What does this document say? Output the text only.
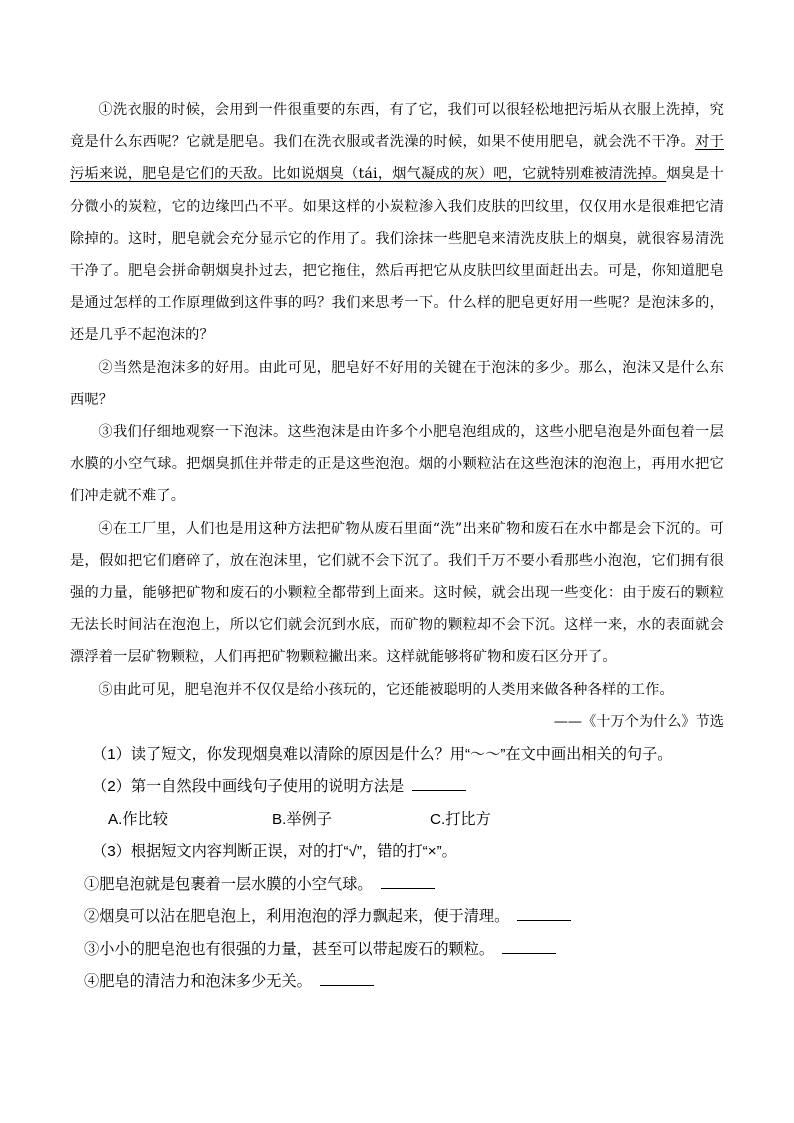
①洗衣服的时候，会用到一件很重要的东西，有了它，我们可以很轻松地把污垢从衣服上洗掉，究竟是什么东西呢？它就是肥皂。我们在洗衣服或者洗澡的时候，如果不使用肥皂，就会洗不干净。对于污垢来说，肥皂是它们的天敌。比如说烟臭（tái，烟气凝成的灰）吧，它就特别难被清洗掉。烟臭是十分微小的炭粒，它的边缘凹凸不平。如果这样的小炭粒渗入我们皮肤的凹纹里，仅仅用水是很难把它清除掉的。这时，肥皂就会充分显示它的作用了。我们涂抹一些肥皂来清洗皮肤上的烟臭，就很容易清洗干净了。肥皂会拼命朝烟臭扑过去，把它拖住，然后再把它从皮肤凹纹里面赶出去。可是，你知道肥皂是通过怎样的工作原理做到这件事的吗？我们来思考一下。什么样的肥皂更好用一些呢？是泡沫多的，还是几乎不起泡沫的？

②当然是泡沫多的好用。由此可见，肥皂好不好用的关键在于泡沫的多少。那么，泡沫又是什么东西呢？

③我们仔细地观察一下泡沫。这些泡沫是由许多个小肥皂泡组成的，这些小肥皂泡是外面包着一层水膜的小空气球。把烟臭抓住并带走的正是这些泡泡。烟的小颗粒沾在这些泡沫的泡泡上，再用水把它们冲走就不难了。

④在工厂里，人们也是用这种方法把矿物从废石里面“洗”出来矿物和废石在水中都是会下沉的。可是，假如把它们磨碎了，放在泡沫里，它们就不会下沉了。我们千万不要小看那些小泡泡，它们拥有很强的力量，能够把矿物和废石的小颗粒全都带到上面来。这时候，就会出现一些变化：由于废石的颗粒无法长时间沾在泡泡上，所以它们就会沉到水底，而矿物的颗粒却不会下沉。这样一来，水的表面就会漂浮着一层矿物颗粒，人们再把矿物颗粒撇出来。这样就能够将矿物和废石区分开了。

⑤由此可见，肥皂泡并不仅仅是给小孩玩的，它还能被聪明的人类用来做各种各样的工作。

——《十万个为什么》节选

（1）读了短文，你发现烟臭难以清除的原因是什么？用“～～”在文中画出相关的句子。

（2）第一自然段中画线句子使用的说明方法是

A.作比较	B.举例子	C.打比方

（3）根据短文内容判断正误，对的打“√”，错的打“×”。

①肥皂泡就是包裹着一层水膜的小空气球。

②烟臭可以沾在肥皂泡上，利用泡泡的浮力飘起来，便于清理。

③小小的肥皂泡也有很强的力量，甚至可以带起废石的颗粒。

④肥皂的清洁力和泡沫多少无关。
